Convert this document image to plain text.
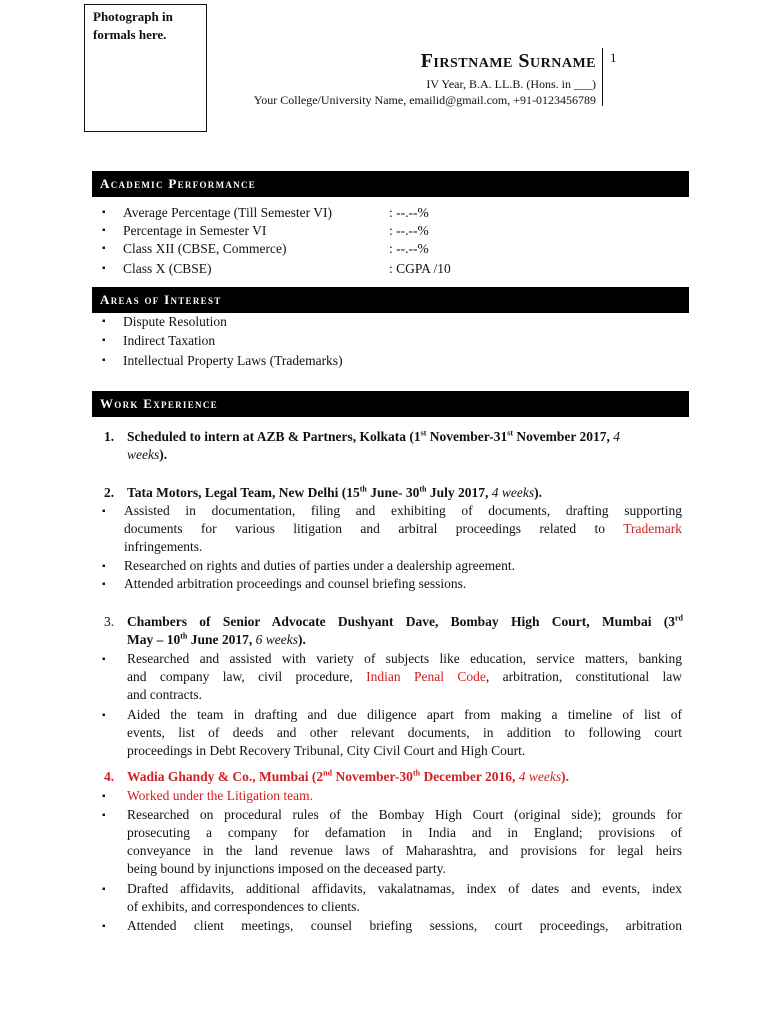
Photograph in formals here.
Firstname Surname
IV Year, B.A. LL.B. (Hons. in ___)
Your College/University Name, emailid@gmail.com, +91-0123456789
1
Academic Performance
▪ Average Percentage (Till Semester VI)	: --.--%
▪ Percentage in Semester VI	: --.--%
▪ Class XII (CBSE, Commerce)	: --.--%
▪ Class X (CBSE)	: CGPA /10
Areas of Interest
▪ Dispute Resolution
▪ Indirect Taxation
▪ Intellectual Property Laws (Trademarks)
Work Experience
1. Scheduled to intern at AZB & Partners, Kolkata (1st November-31st November 2017, 4
weeks).
2. Tata Motors, Legal Team, New Delhi (15th June- 30th July 2017, 4 weeks).
▪ Assisted in documentation, filing and exhibiting of documents, drafting supporting
documents for various litigation and arbitral proceedings related to Trademark
infringements.
▪ Researched on rights and duties of parties under a dealership agreement.
▪ Attended arbitration proceedings and counsel briefing sessions.
3. Chambers of Senior Advocate Dushyant Dave, Bombay High Court, Mumbai (3rd
May – 10th June 2017, 6 weeks).
▪ Researched and assisted with variety of subjects like education, service matters, banking
and company law, civil procedure, Indian Penal Code, arbitration, constitutional law
and contracts.
▪ Aided the team in drafting and due diligence apart from making a timeline of list of
events, list of deeds and other relevant documents, in addition to following court
proceedings in Debt Recovery Tribunal, City Civil Court and High Court.
4. Wadia Ghandy & Co., Mumbai (2nd November-30th December 2016, 4 weeks).
▪ Worked under the Litigation team.
▪ Researched on procedural rules of the Bombay High Court (original side); grounds for
prosecuting a company for defamation in India and in England; provisions of
conveyance in the land revenue laws of Maharashtra, and provisions for legal heirs
being bound by injunctions imposed on the deceased party.
▪ Drafted affidavits, additional affidavits, vakalatnamas, index of dates and events, index
of exhibits, and correspondences to clients.
▪ Attended client meetings, counsel briefing sessions, court proceedings, arbitration
